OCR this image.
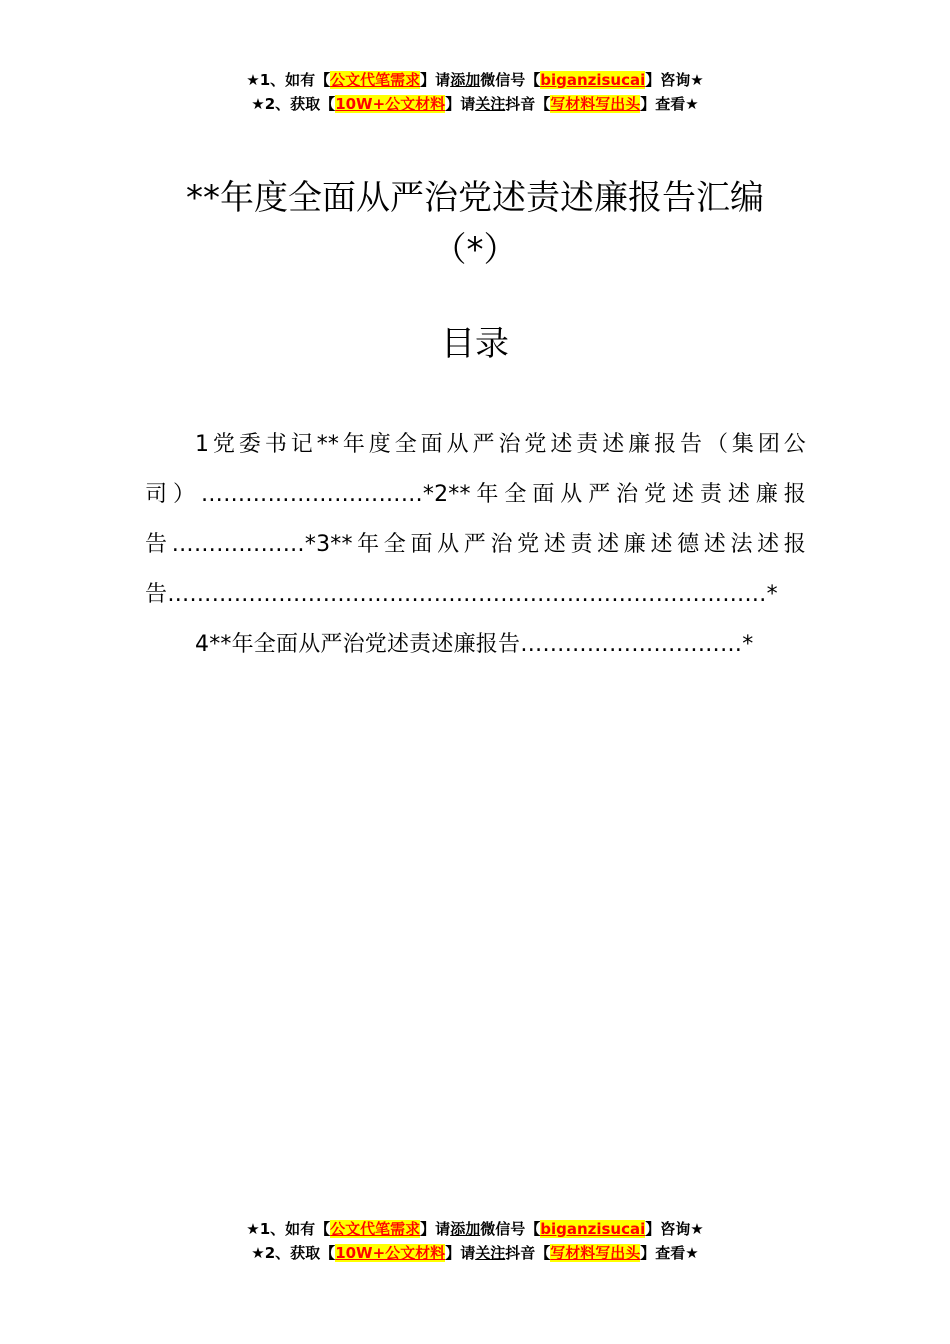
★1、如有【公文代笔需求】请添加微信号【biganzisucai】咨询★
★2、获取【10W+公文材料】请关注抖音【写材料写出头】查看★
**年度全面从严治党述责述廉报告汇编
（*）
目录
1党委书记**年度全面从严治党述责述廉报告（集团公司）…………………………*2**年全面从严治党述责述廉报告………………*3**年全面从严治党述责述廉述德述法述报告………………………………………………………………………*
4**年全面从严治党述责述廉报告…………………………*
★1、如有【公文代笔需求】请添加微信号【biganzisucai】咨询★
★2、获取【10W+公文材料】请关注抖音【写材料写出头】查看★
